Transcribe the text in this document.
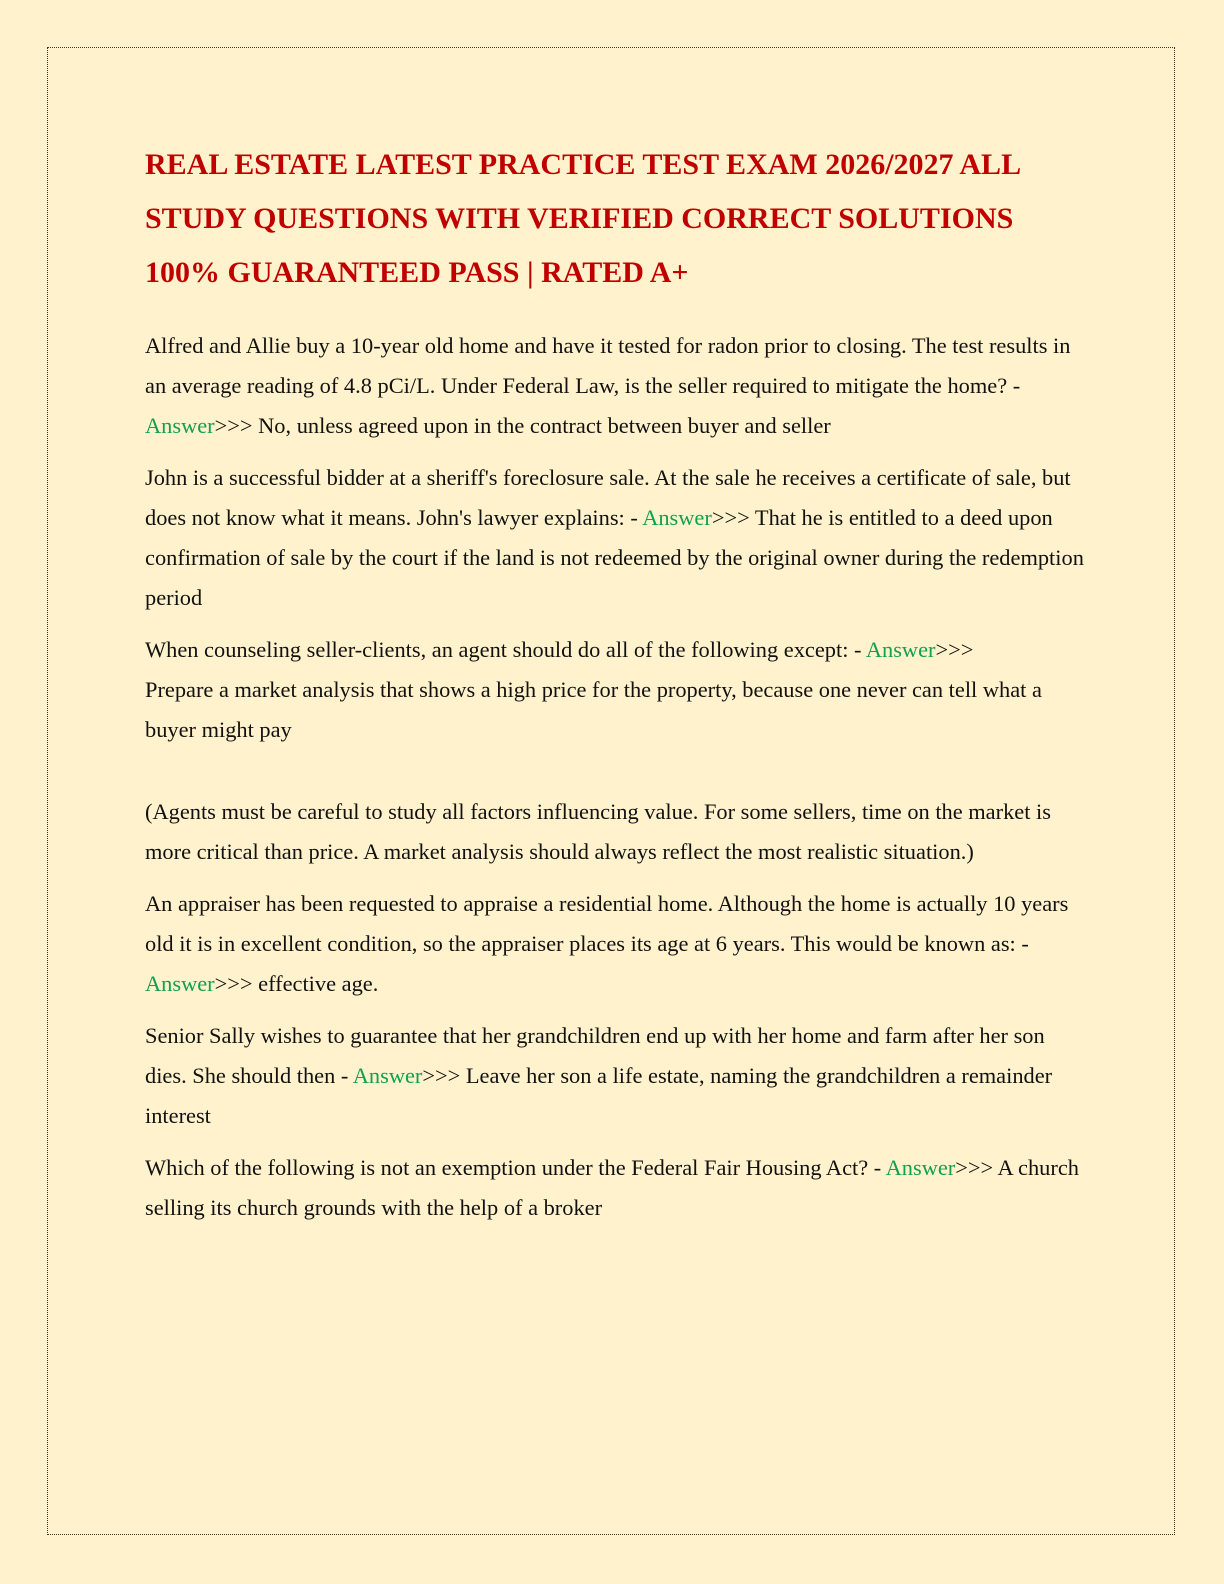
REAL ESTATE LATEST PRACTICE TEST EXAM 2026/2027 ALL STUDY QUESTIONS WITH VERIFIED CORRECT SOLUTIONS 100% GUARANTEED PASS | RATED A+

Alfred and Allie buy a 10-year old home and have it tested for radon prior to closing. The test results in an average reading of 4.8 pCi/L. Under Federal Law, is the seller required to mitigate the home? - Answer>>> No, unless agreed upon in the contract between buyer and seller

John is a successful bidder at a sheriff's foreclosure sale. At the sale he receives a certificate of sale, but does not know what it means. John's lawyer explains: - Answer>>> That he is entitled to a deed upon confirmation of sale by the court if the land is not redeemed by the original owner during the redemption period

When counseling seller-clients, an agent should do all of the following except: - Answer>>>
Prepare a market analysis that shows a high price for the property, because one never can tell what a buyer might pay

(Agents must be careful to study all factors influencing value. For some sellers, time on the market is more critical than price. A market analysis should always reflect the most realistic situation.)

An appraiser has been requested to appraise a residential home. Although the home is actually 10 years old it is in excellent condition, so the appraiser places its age at 6 years. This would be known as: - Answer>>> effective age.

Senior Sally wishes to guarantee that her grandchildren end up with her home and farm after her son dies. She should then - Answer>>> Leave her son a life estate, naming the grandchildren a remainder interest

Which of the following is not an exemption under the Federal Fair Housing Act? - Answer>>> A church selling its church grounds with the help of a broker
